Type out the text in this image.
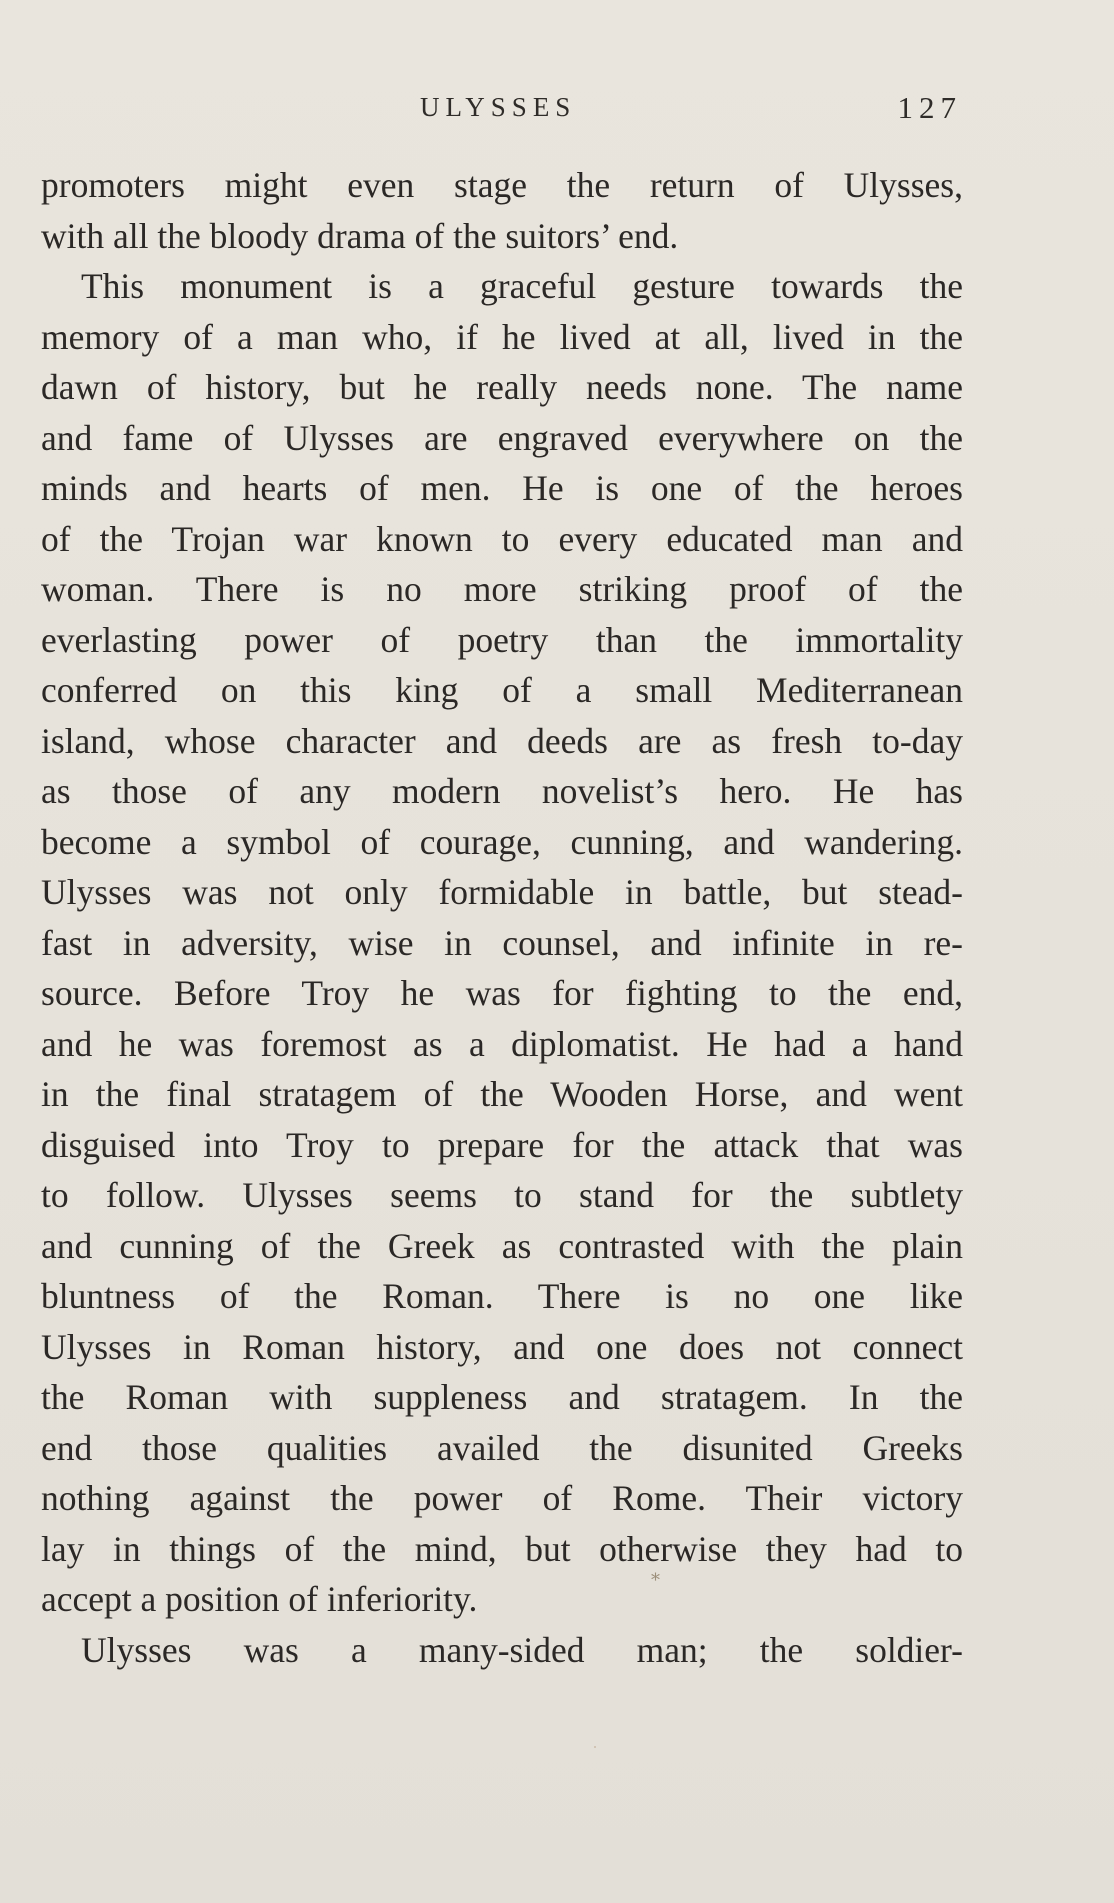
ULYSSES	127
promoters might even stage the return of Ulysses,
with all the bloody drama of the suitors’ end.
This monument is a graceful gesture towards the
memory of a man who, if he lived at all, lived in the
dawn of history, but he really needs none. The name
and fame of Ulysses are engraved everywhere on the
minds and hearts of men. He is one of the heroes
of the Trojan war known to every educated man and
woman. There is no more striking proof of the
everlasting power of poetry than the immortality
conferred on this king of a small Mediterranean
island, whose character and deeds are as fresh to-day
as those of any modern novelist’s hero. He has
become a symbol of courage, cunning, and wandering.
Ulysses was not only formidable in battle, but stead-
fast in adversity, wise in counsel, and infinite in re-
source. Before Troy he was for fighting to the end,
and he was foremost as a diplomatist. He had a hand
in the final stratagem of the Wooden Horse, and went
disguised into Troy to prepare for the attack that was
to follow. Ulysses seems to stand for the subtlety
and cunning of the Greek as contrasted with the plain
bluntness of the Roman. There is no one like
Ulysses in Roman history, and one does not connect
the Roman with suppleness and stratagem. In the
end those qualities availed the disunited Greeks
nothing against the power of Rome. Their victory
lay in things of the mind, but otherwise they had to
accept a position of inferiority.
Ulysses was a many-sided man; the soldier-
*
